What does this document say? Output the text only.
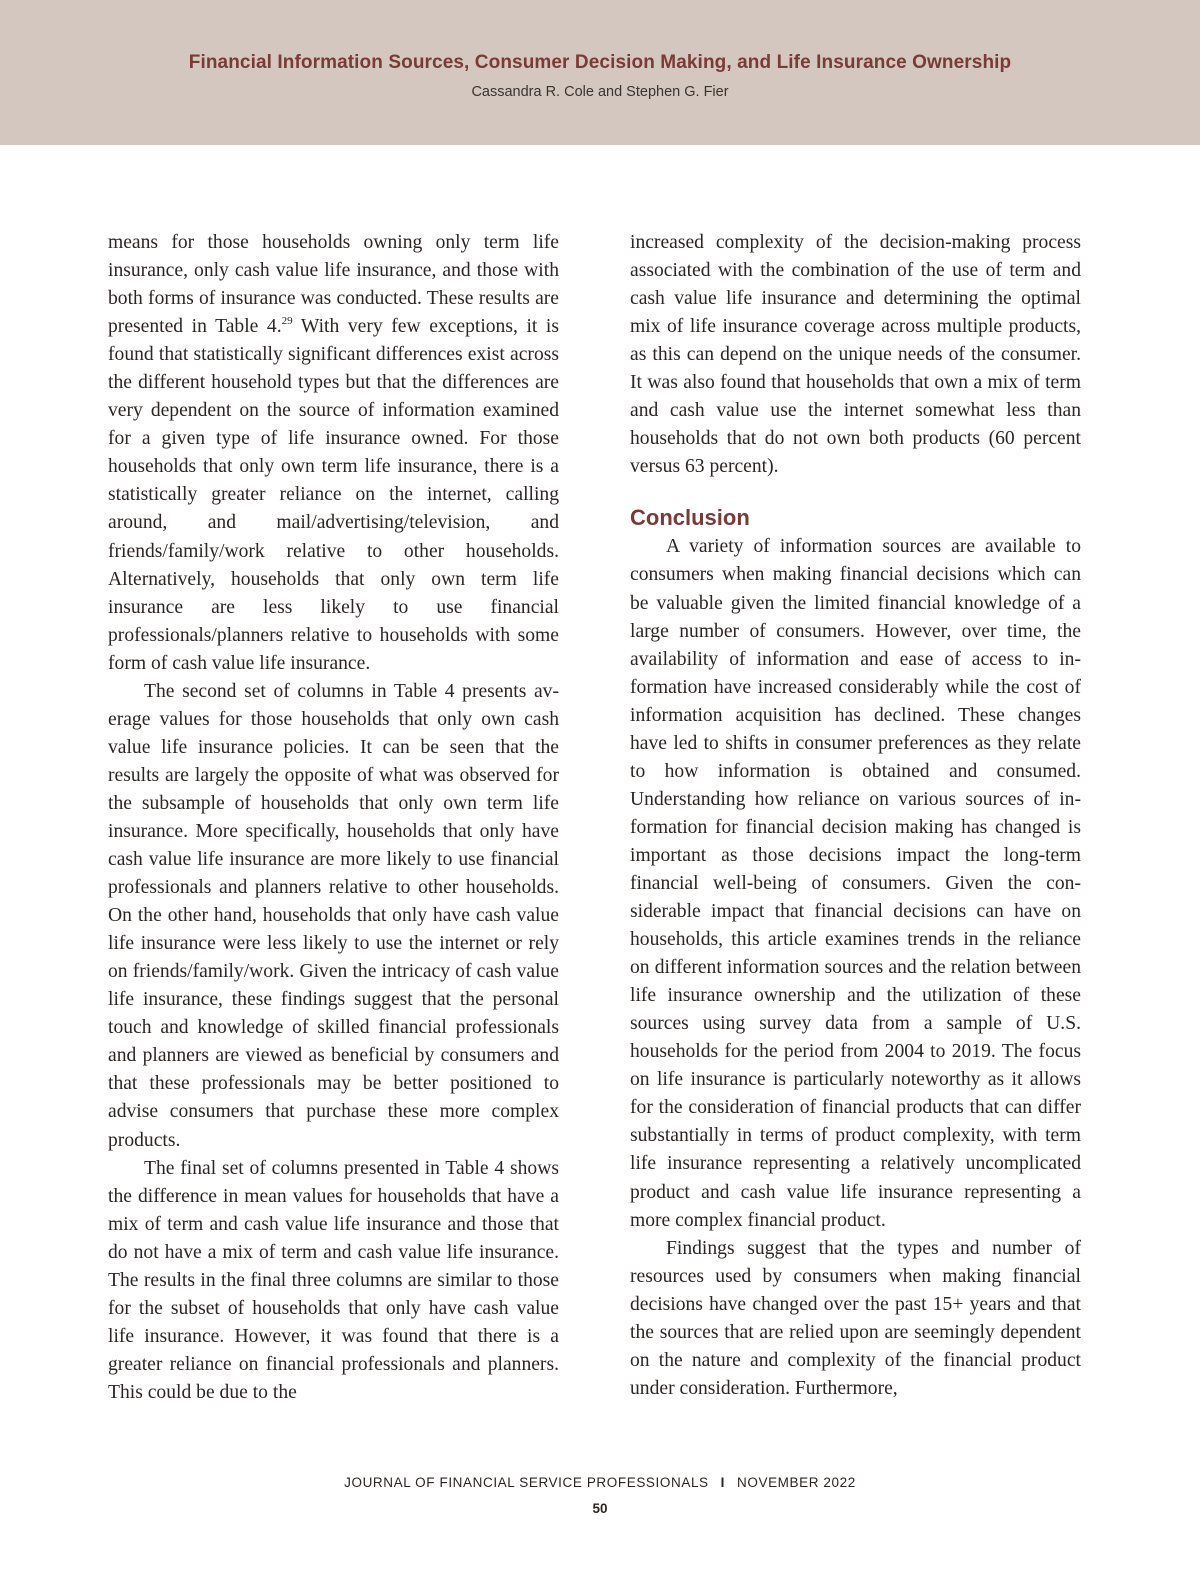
Financial Information Sources, Consumer Decision Making, and Life Insurance Ownership
Cassandra R. Cole and Stephen G. Fier

means for those households owning only term life insurance, only cash value life insurance, and those with both forms of insurance was conducted. These results are presented in Table 4.29 With very few exceptions, it is found that statistically significant differences exist across the different household types but that the differences are very dependent on the source of information examined for a given type of life insurance owned. For those households that only own term life insurance, there is a statistically greater reliance on the internet, calling around, and mail/advertising/television, and friends/family/work relative to other households. Alternatively, households that only own term life insurance are less likely to use financial professionals/planners relative to households with some form of cash value life insurance.

The second set of columns in Table 4 presents average values for those households that only own cash value life insurance policies. It can be seen that the results are largely the opposite of what was observed for the subsample of households that only own term life insurance. More specifically, households that only have cash value life insurance are more likely to use financial professionals and planners relative to other households. On the other hand, households that only have cash value life insurance were less likely to use the internet or rely on friends/family/work. Given the intricacy of cash value life insurance, these findings suggest that the personal touch and knowledge of skilled financial professionals and planners are viewed as beneficial by consumers and that these professionals may be better positioned to advise consumers that purchase these more complex products.

The final set of columns presented in Table 4 shows the difference in mean values for households that have a mix of term and cash value life insurance and those that do not have a mix of term and cash value life insurance. The results in the final three columns are similar to those for the subset of households that only have cash value life insurance. However, it was found that there is a greater reliance on financial professionals and planners. This could be due to the

increased complexity of the decision-making process associated with the combination of the use of term and cash value life insurance and determining the optimal mix of life insurance coverage across multiple products, as this can depend on the unique needs of the consumer. It was also found that households that own a mix of term and cash value use the internet somewhat less than households that do not own both products (60 percent versus 63 percent).

Conclusion

A variety of information sources are available to consumers when making financial decisions which can be valuable given the limited financial knowledge of a large number of consumers. However, over time, the availability of information and ease of access to information have increased considerably while the cost of information acquisition has declined. These changes have led to shifts in consumer preferences as they relate to how information is obtained and consumed. Understanding how reliance on various sources of information for financial decision making has changed is important as those decisions impact the long-term financial well-being of consumers. Given the considerable impact that financial decisions can have on households, this article examines trends in the reliance on different information sources and the relation between life insurance ownership and the utilization of these sources using survey data from a sample of U.S. households for the period from 2004 to 2019. The focus on life insurance is particularly noteworthy as it allows for the consideration of financial products that can differ substantially in terms of product complexity, with term life insurance representing a relatively uncomplicated product and cash value life insurance representing a more complex financial product.

Findings suggest that the types and number of resources used by consumers when making financial decisions have changed over the past 15+ years and that the sources that are relied upon are seemingly dependent on the nature and complexity of the financial product under consideration. Furthermore,

JOURNAL OF FINANCIAL SERVICE PROFESSIONALS I NOVEMBER 2022
50
